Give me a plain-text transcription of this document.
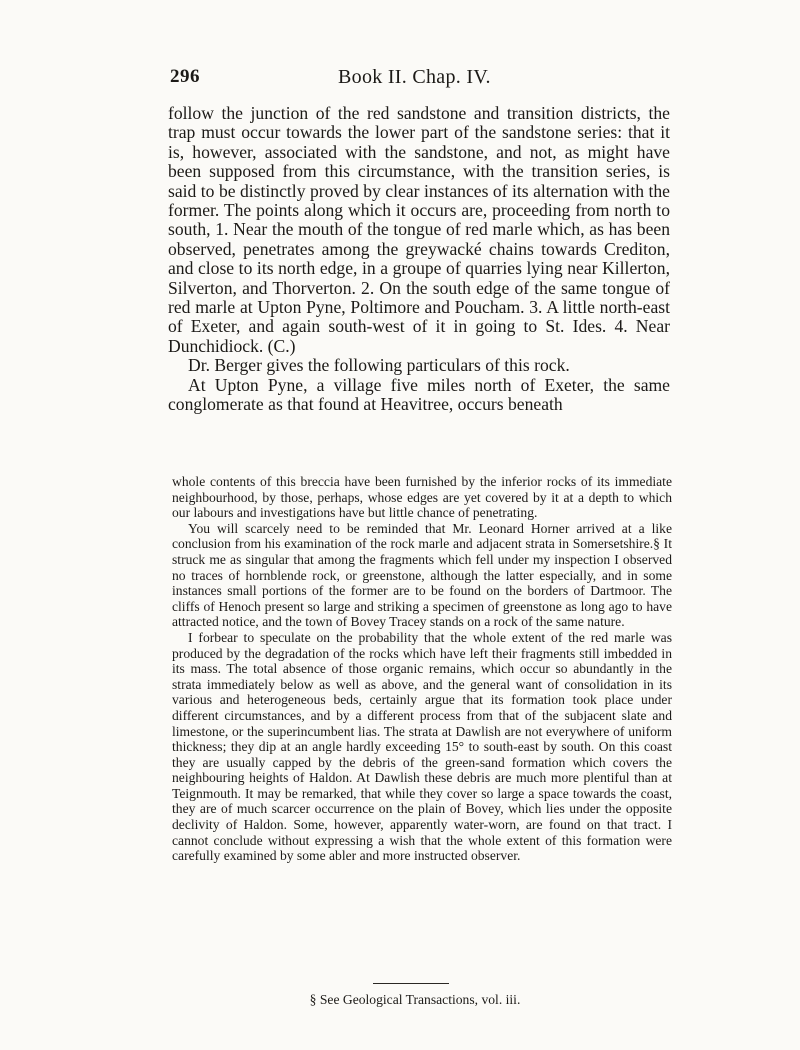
296	Book II. Chap. IV.

follow the junction of the red sandstone and transition districts, the trap must occur towards the lower part of the sandstone series: that it is, however, associated with the sandstone, and not, as might have been supposed from this circumstance, with the transition series, is said to be distinctly proved by clear instances of its alternation with the former. The points along which it occurs are, proceeding from north to south, 1. Near the mouth of the tongue of red marle which, as has been observed, penetrates among the greywacké chains towards Crediton, and close to its north edge, in a groupe of quarries lying near Killerton, Silverton, and Thorverton. 2. On the south edge of the same tongue of red marle at Upton Pyne, Poltimore and Poucham. 3. A little north-east of Exeter, and again south-west of it in going to St. Ides. 4. Near Dunchidiock. (C.)

Dr. Berger gives the following particulars of this rock.

At Upton Pyne, a village five miles north of Exeter, the same conglomerate as that found at Heavitree, occurs beneath

whole contents of this breccia have been furnished by the inferior rocks of its immediate neighbourhood, by those, perhaps, whose edges are yet covered by it at a depth to which our labours and investigations have but little chance of penetrating.

You will scarcely need to be reminded that Mr. Leonard Horner arrived at a like conclusion from his examination of the rock marle and adjacent strata in Somersetshire.§ It struck me as singular that among the fragments which fell under my inspection I observed no traces of hornblende rock, or greenstone, although the latter especially, and in some instances small portions of the former are to be found on the borders of Dartmoor. The cliffs of Henoch present so large and striking a specimen of greenstone as long ago to have attracted notice, and the town of Bovey Tracey stands on a rock of the same nature.

I forbear to speculate on the probability that the whole extent of the red marle was produced by the degradation of the rocks which have left their fragments still imbedded in its mass. The total absence of those organic remains, which occur so abundantly in the strata immediately below as well as above, and the general want of consolidation in its various and heterogeneous beds, certainly argue that its formation took place under different circumstances, and by a different process from that of the subjacent slate and limestone, or the superincumbent lias. The strata at Dawlish are not everywhere of uniform thickness; they dip at an angle hardly exceeding 15° to south-east by south. On this coast they are usually capped by the debris of the green-sand formation which covers the neighbouring heights of Haldon. At Dawlish these debris are much more plentiful than at Teignmouth. It may be remarked, that while they cover so large a space towards the coast, they are of much scarcer occurrence on the plain of Bovey, which lies under the opposite declivity of Haldon. Some, however, apparently water-worn, are found on that tract. I cannot conclude without expressing a wish that the whole extent of this formation were carefully examined by some abler and more instructed observer.

§ See Geological Transactions, vol. iii.
